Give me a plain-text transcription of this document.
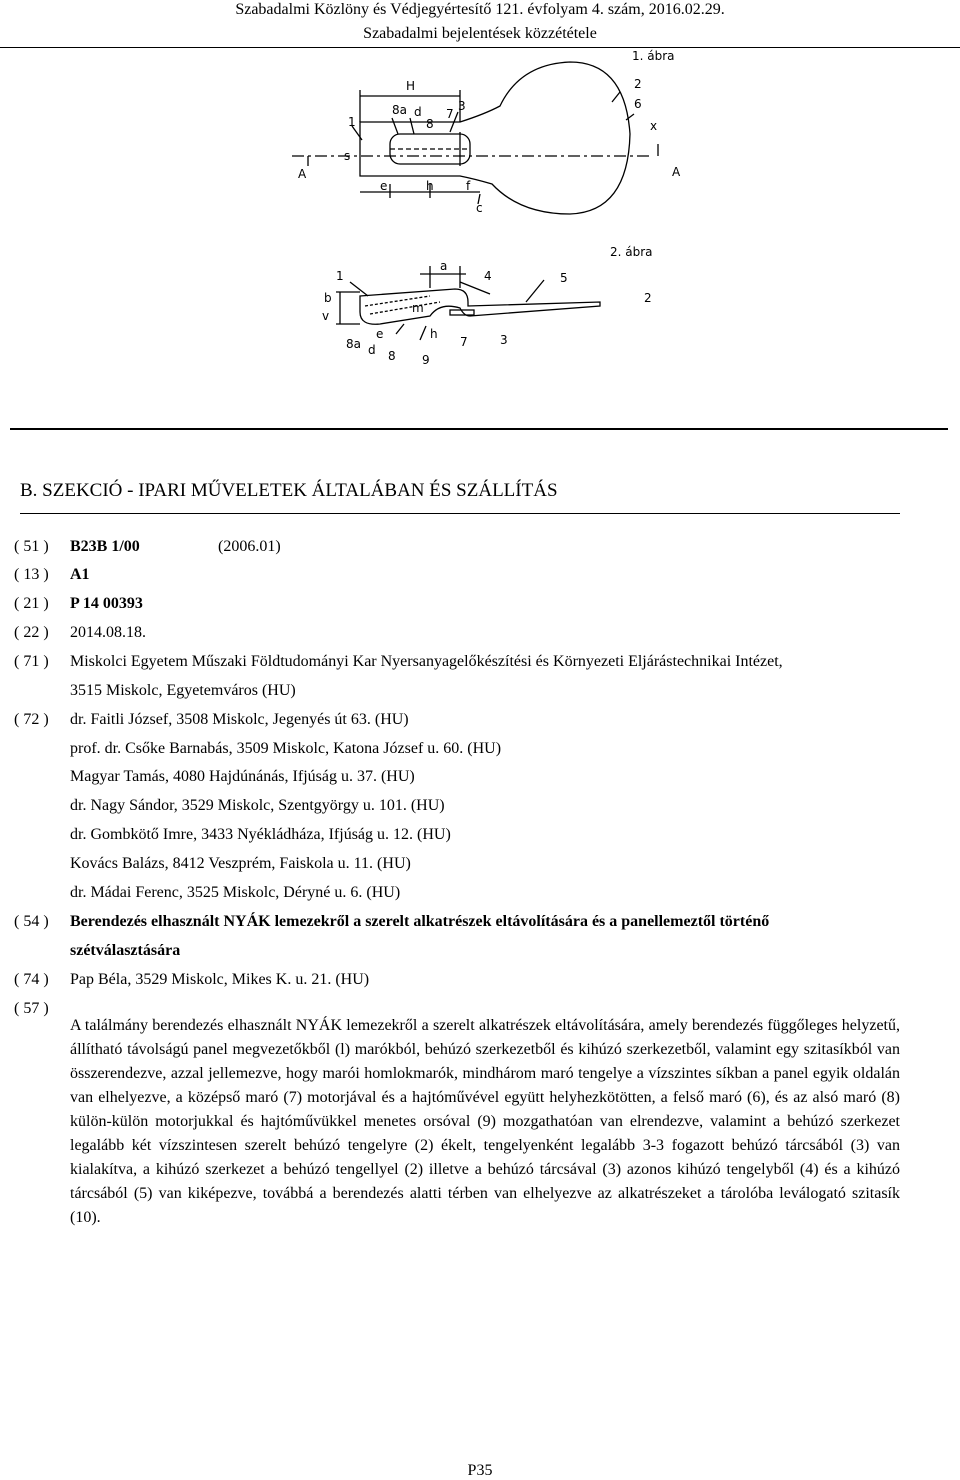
Szabadalmi Közlöny és Védjegyértesítő 121. évfolyam 4. szám, 2016.02.29.
Szabadalmi bejelentések közzététele
1. ábra
H
1
8a d
8
7
3
s
A
e	h	f
c
2
6
x
A
2. ábra
a
4	5
1
b
v
m
2
e	h
8a d 8 9
7	3
B. SZEKCIÓ - IPARI MŰVELETEK ÁLTALÁBAN ÉS SZÁLLÍTÁS
( 51 ) B23B 1/00	(2006.01)
( 13 ) A1
( 21 ) P 14 00393
( 22 ) 2014.08.18.
( 71 ) Miskolci Egyetem Műszaki Földtudományi Kar Nyersanyagelőkészítési és Környezeti Eljárástechnikai Intézet,
3515 Miskolc, Egyetemváros (HU)
( 72 ) dr. Faitli József, 3508 Miskolc, Jegenyés út 63. (HU)
prof. dr. Csőke Barnabás, 3509 Miskolc, Katona József u. 60. (HU)
Magyar Tamás, 4080 Hajdúnánás, Ifjúság u. 37. (HU)
dr. Nagy Sándor, 3529 Miskolc, Szentgyörgy u. 101. (HU)
dr. Gombkötő Imre, 3433 Nyékládháza, Ifjúság u. 12. (HU)
Kovács Balázs, 8412 Veszprém, Faiskola u. 11. (HU)
dr. Mádai Ferenc, 3525 Miskolc, Déryné u. 6. (HU)
( 54 ) Berendezés elhasznált NYÁK lemezekről a szerelt alkatrészek eltávolítására és a panellemeztől történő
szétválasztására
( 74 ) Pap Béla, 3529 Miskolc, Mikes K. u. 21. (HU)
( 57 )
A találmány berendezés elhasznált NYÁK lemezekről a szerelt alkatrészek eltávolítására, amely berendezés függőleges helyzetű, állítható távolságú panel megvezetőkből (l) marókból, behúzó szerkezetből és kihúzó szerkezetből, valamint egy szitasíkból van összerendezve, azzal jellemezve, hogy marói homlokmarók, mindhárom maró tengelye a vízszintes síkban a panel egyik oldalán van elhelyezve, a középső maró (7) motorjával és a hajtóművével együtt helyhezkötötten, a felső maró (6), és az alsó maró (8) külön-külön motorjukkal és hajtóművükkel menetes orsóval (9) mozgathatóan van elrendezve, valamint a behúzó szerkezet legalább két vízszintesen szerelt behúzó tengelyre (2) ékelt, tengelyenként legalább 3-3 fogazott behúzó tárcsából (3) van kialakítva, a kihúzó szerkezet a behúzó tengellyel (2) illetve a behúzó tárcsával (3) azonos kihúzó tengelyből (4) és a kihúzó tárcsából (5) van kiképezve, továbbá a berendezés alatti térben van elhelyezve az alkatrészeket a tárolóba leválogató szitasík (10).
P35
